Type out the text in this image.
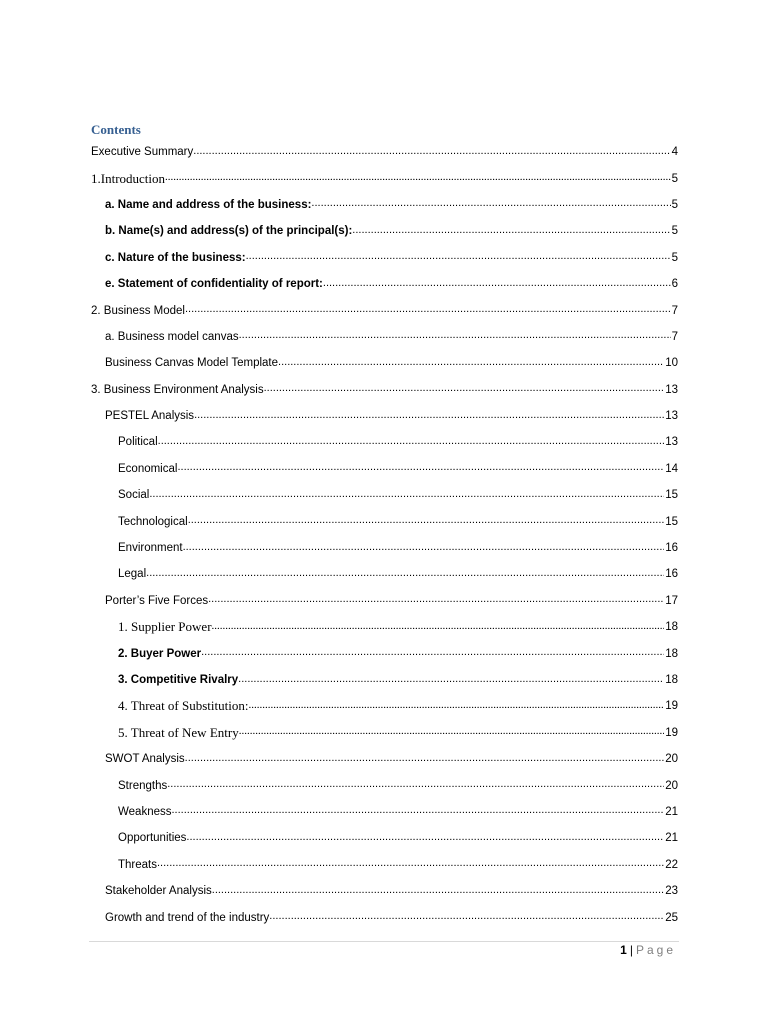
Contents
Executive Summary .....	4
1.Introduction .....	5
a. Name and address of the business: .....	5
b. Name(s) and address(s) of the principal(s): .....	5
c. Nature of the business: .....	5
e. Statement of confidentiality of report: .....	6
2. Business Model .....	7
a. Business model canvas .....	7
Business Canvas Model Template .....	10
3. Business Environment Analysis .....	13
PESTEL Analysis .....	13
Political .....	13
Economical .....	14
Social .....	15
Technological .....	15
Environment .....	16
Legal .....	16
Porter’s Five Forces .....	17
1. Supplier Power .....	18
2. Buyer Power .....	18
3. Competitive Rivalry .....	18
4. Threat of Substitution: .....	19
5. Threat of New Entry .....	19
SWOT Analysis .....	20
Strengths .....	20
Weakness .....	21
Opportunities .....	21
Threats .....	22
Stakeholder Analysis .....	23
Growth and trend of the industry .....	25
1 | Page
